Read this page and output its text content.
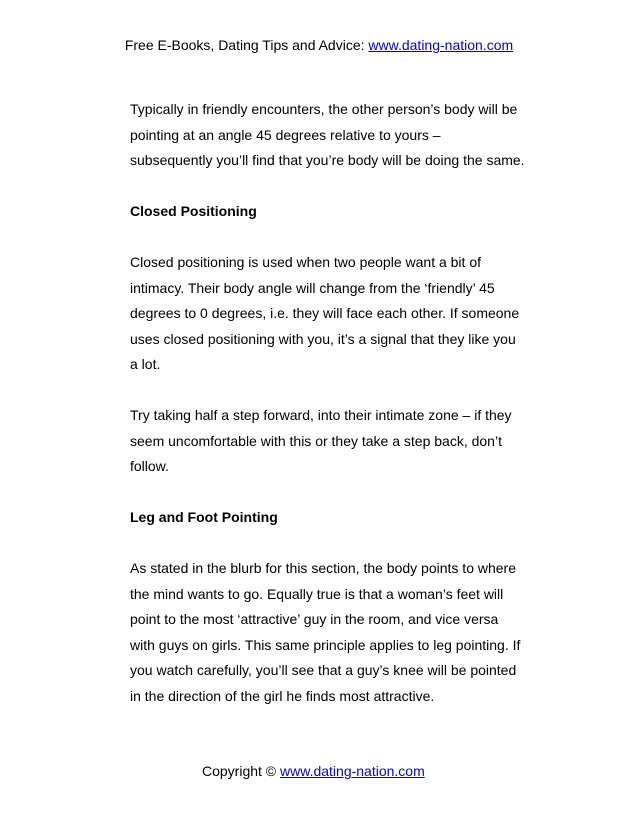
Free E-Books, Dating Tips and Advice: www.dating-nation.com

Typically in friendly encounters, the other person’s body will be

pointing at an angle 45 degrees relative to yours –

subsequently you’ll find that you’re body will be doing the same.

Closed Positioning

Closed positioning is used when two people want a bit of

intimacy. Their body angle will change from the ‘friendly’ 45

degrees to 0 degrees, i.e. they will face each other. If someone

uses closed positioning with you, it’s a signal that they like you

a lot.

Try taking half a step forward, into their intimate zone – if they

seem uncomfortable with this or they take a step back, don’t

follow.

Leg and Foot Pointing

As stated in the blurb for this section, the body points to where

the mind wants to go. Equally true is that a woman’s feet will

point to the most ‘attractive’ guy in the room, and vice versa

with guys on girls. This same principle applies to leg pointing. If

you watch carefully, you’ll see that a guy’s knee will be pointed

in the direction of the girl he finds most attractive.

Copyright © www.dating-nation.com
